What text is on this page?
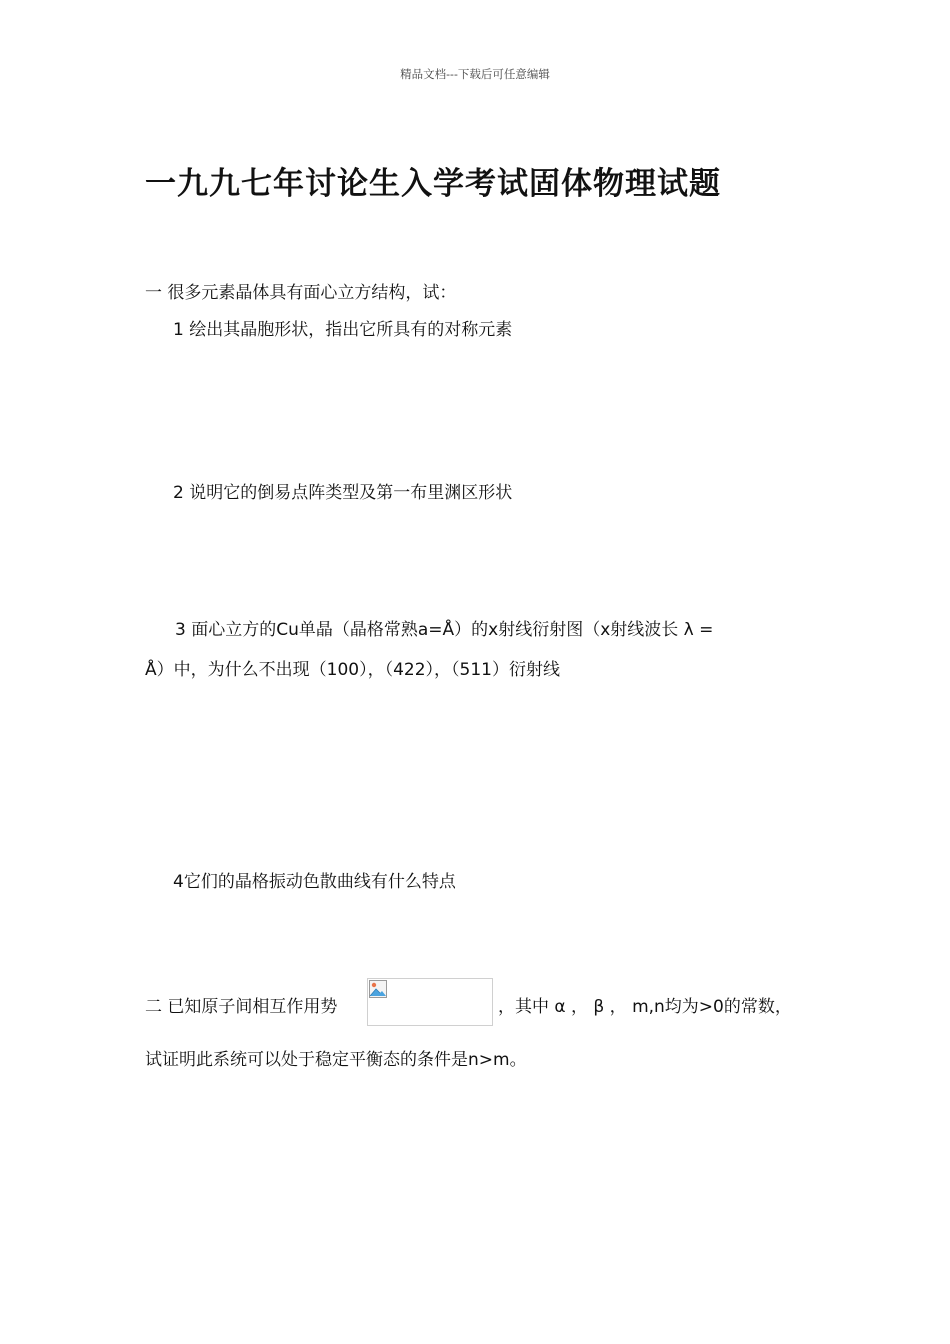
精品文档---下载后可任意编辑
一九九七年讨论生入学考试固体物理试题
一 很多元素晶体具有面心立方结构，试：
1 绘出其晶胞形状，指出它所具有的对称元素
2 说明它的倒易点阵类型及第一布里渊区形状
3 面心立方的Cu单晶（晶格常熟a=Å）的x射线衍射图（x射线波长 λ =
Å）中，为什么不出现（100），（422），（511）衍射线
4它们的晶格振动色散曲线有什么特点
二 已知原子间相互作用势	，其中 α ， β ， m,n均为>0的常数，
试证明此系统可以处于稳定平衡态的条件是n>m。
